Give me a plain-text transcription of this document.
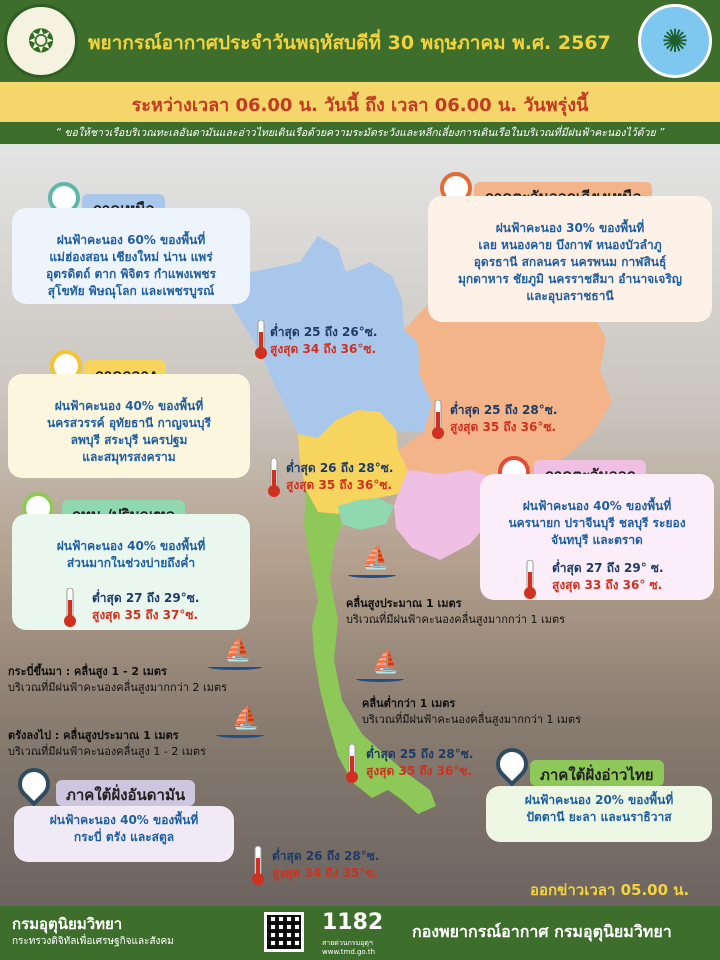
❂ พยากรณ์อากาศประจำวันพฤหัสบดีที่ 30 พฤษภาคม พ.ศ. 2567 ✺
ระหว่างเวลา 06.00 น. วันนี้ ถึง เวลา 06.00 น. วันพรุ่งนี้
“ ขอให้ชาวเรือบริเวณทะเลอันดามันและอ่าวไทยเดินเรือด้วยความระมัดระวังและหลีกเลี่ยงการเดินเรือในบริเวณที่มีฝนฟ้าคะนองไว้ด้วย ”
ฝนฟ้าคะนอง 60% ของพื้นที่
แม่ฮ่องสอน เชียงใหม่ น่าน แพร่
อุตรดิตถ์ ตาก พิจิตร กำแพงเพชร
สุโขทัย พิษณุโลก และเพชรบูรณ์
ต่ำสุด 25 ถึง 26°ซ.
สูงสุด 34 ถึง 36°ซ.
ฝนฟ้าคะนอง 30% ของพื้นที่
เลย หนองคาย บึงกาฬ หนองบัวลำภู
อุดรธานี สกลนคร นครพนม กาฬสินธุ์
มุกดาหาร ชัยภูมิ นครราชสีมา อำนาจเจริญ
และอุบลราชธานี
ต่ำสุด 25 ถึง 28°ซ.
สูงสุด 35 ถึง 36°ซ.
ฝนฟ้าคะนอง 40% ของพื้นที่
นครสวรรค์ อุทัยธานี กาญจนบุรี
ลพบุรี สระบุรี นครปฐม
และสมุทรสงคราม
ต่ำสุด 26 ถึง 28°ซ.
สูงสุด 35 ถึง 36°ซ.
ฝนฟ้าคะนอง 40% ของพื้นที่
นครนายก ปราจีนบุรี ชลบุรี ระยอง
จันทบุรี และตราด
ต่ำสุด 27 ถึง 29° ซ.
สูงสุด 33 ถึง 36° ซ.
ฝนฟ้าคะนอง 40% ของพื้นที่
ส่วนมากในช่วงบ่ายถึงค่ำ
ต่ำสุด 27 ถึง 29°ซ.
สูงสุด 35 ถึง 37°ซ.
⛵
คลื่นสูงประมาณ 1 เมตร
บริเวณที่มีฝนฟ้าคะนองคลื่นสูงมากกว่า 1 เมตร
⛵
กระบี่ขึ้นมา : คลื่นสูง 1 - 2 เมตร
บริเวณที่มีฝนฟ้าคะนองคลื่นสูงมากกว่า 2 เมตร
⛵
คลื่นต่ำกว่า 1 เมตร
บริเวณที่มีฝนฟ้าคะนองคลื่นสูงมากกว่า 1 เมตร
⛵
ตรังลงไป : คลื่นสูงประมาณ 1 เมตร
บริเวณที่มีฝนฟ้าคะนองคลื่นสูง 1 - 2 เมตร	ต่ำสุด 25 ถึง 28°ซ.
สูงสุด 35 ถึง 36°ซ.	ภาคใต้ฝั่งอ่าวไทย
ฝนฟ้าคะนอง 20% ของพื้นที่
ปัตตานี ยะลา และนราธิวาส
ภาคใต้ฝั่งอันดามัน
ฝนฟ้าคะนอง 40% ของพื้นที่
กระบี่ ตรัง และสตูล
ต่ำสุด 26 ถึง 28°ซ.
สูงสุด 34 ถึง 35°ซ.
ออกข่าวเวลา 05.00 น.
กรมอุตุนิยมวิทยา
กระทรวงดิจิทัลเพื่อเศรษฐกิจและสังคม
1182
สายด่วนกรมอุตุฯ
www.tmd.go.th
กองพยากรณ์อากาศ กรมอุตุนิยมวิทยา
